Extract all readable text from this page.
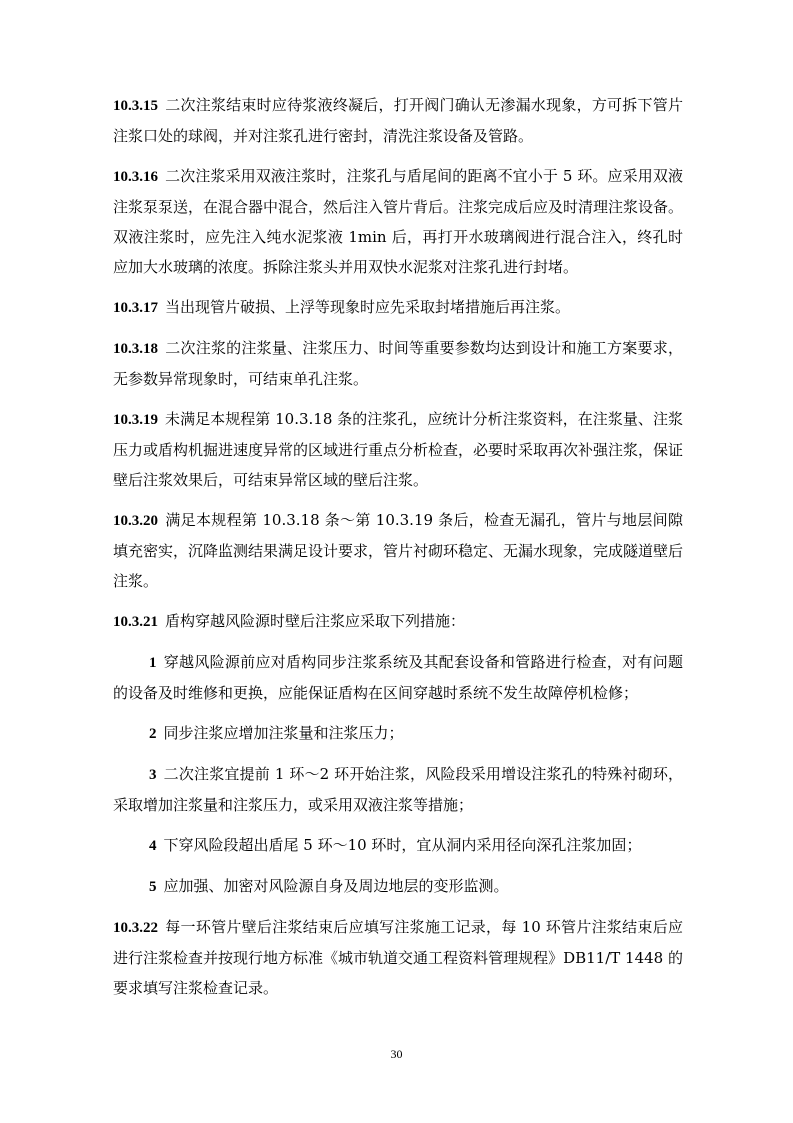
10.3.15 二次注浆结束时应待浆液终凝后，打开阀门确认无渗漏水现象，方可拆下管片注浆口处的球阀，并对注浆孔进行密封，清洗注浆设备及管路。

10.3.16 二次注浆采用双液注浆时，注浆孔与盾尾间的距离不宜小于 5 环。应采用双液注浆泵泵送，在混合器中混合，然后注入管片背后。注浆完成后应及时清理注浆设备。双液注浆时，应先注入纯水泥浆液 1min 后，再打开水玻璃阀进行混合注入，终孔时应加大水玻璃的浓度。拆除注浆头并用双快水泥浆对注浆孔进行封堵。

10.3.17 当出现管片破损、上浮等现象时应先采取封堵措施后再注浆。

10.3.18 二次注浆的注浆量、注浆压力、时间等重要参数均达到设计和施工方案要求，无参数异常现象时，可结束单孔注浆。

10.3.19 未满足本规程第 10.3.18 条的注浆孔，应统计分析注浆资料，在注浆量、注浆压力或盾构机掘进速度异常的区域进行重点分析检查，必要时采取再次补强注浆，保证壁后注浆效果后，可结束异常区域的壁后注浆。

10.3.20 满足本规程第 10.3.18 条～第 10.3.19 条后，检查无漏孔，管片与地层间隙填充密实，沉降监测结果满足设计要求，管片衬砌环稳定、无漏水现象，完成隧道壁后注浆。

10.3.21 盾构穿越风险源时壁后注浆应采取下列措施：

1 穿越风险源前应对盾构同步注浆系统及其配套设备和管路进行检查，对有问题的设备及时维修和更换，应能保证盾构在区间穿越时系统不发生故障停机检修；

2 同步注浆应增加注浆量和注浆压力；

3 二次注浆宜提前 1 环～2 环开始注浆，风险段采用增设注浆孔的特殊衬砌环，采取增加注浆量和注浆压力，或采用双液注浆等措施；

4 下穿风险段超出盾尾 5 环～10 环时，宜从洞内采用径向深孔注浆加固；

5 应加强、加密对风险源自身及周边地层的变形监测。

10.3.22 每一环管片壁后注浆结束后应填写注浆施工记录，每 10 环管片注浆结束后应进行注浆检查并按现行地方标准《城市轨道交通工程资料管理规程》DB11/T 1448 的要求填写注浆检查记录。

30
